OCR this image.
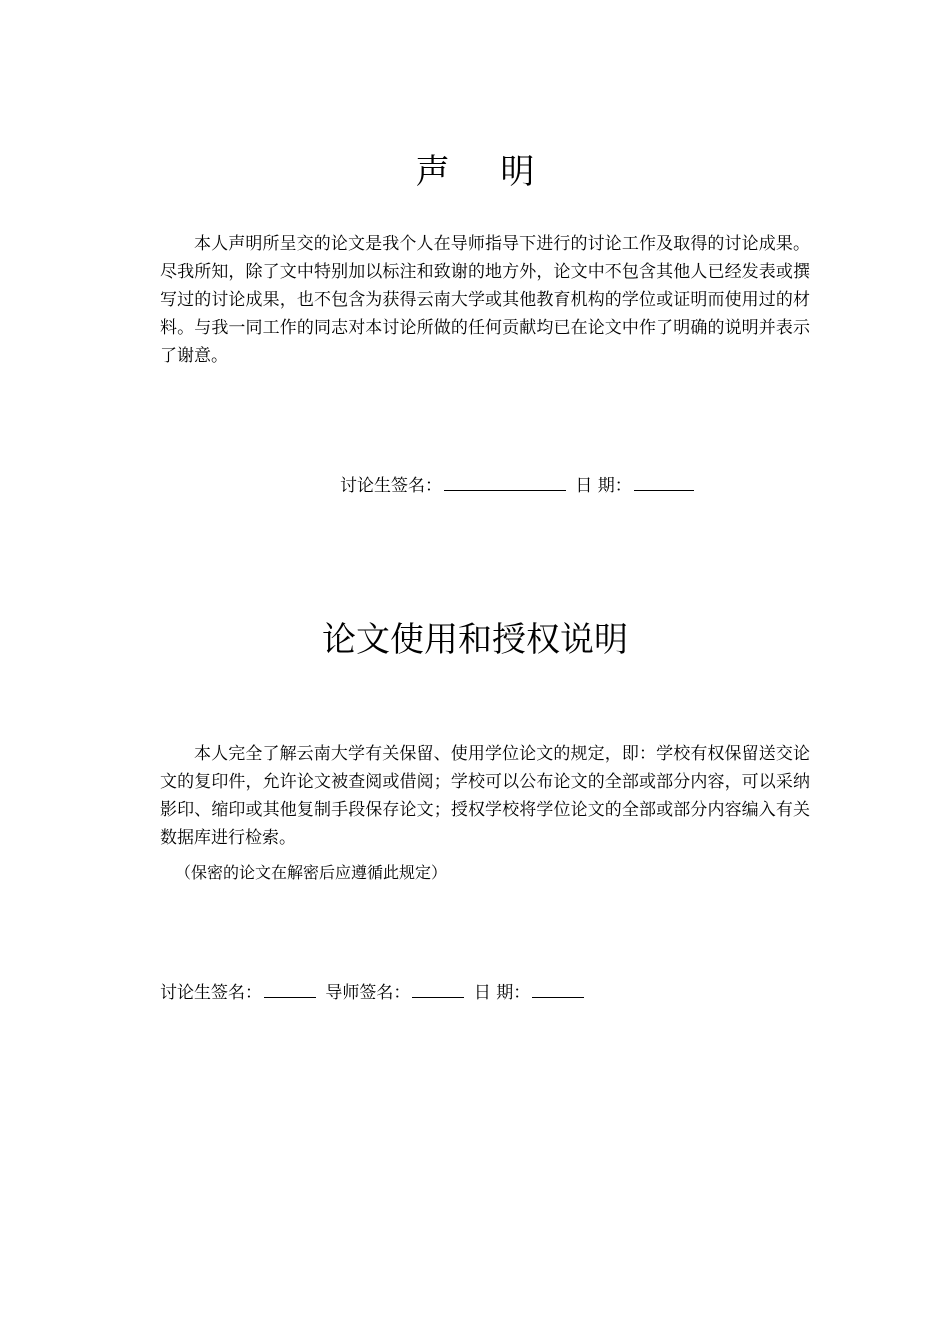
声 明

本人声明所呈交的论文是我个人在导师指导下进行的讨论工作及取得的讨论成果。尽我所知，除了文中特别加以标注和致谢的地方外，论文中不包含其他人已经发表或撰写过的讨论成果，也不包含为获得云南大学或其他教育机构的学位或证明而使用过的材料。与我一同工作的同志对本讨论所做的任何贡献均已在论文中作了明确的说明并表示了谢意。

讨论生签名：	日 期：
论文使用和授权说明

本人完全了解云南大学有关保留、使用学位论文的规定，即：学校有权保留送交论文的复印件，允许论文被查阅或借阅；学校可以公布论文的全部或部分内容，可以采纳影印、缩印或其他复制手段保存论文；授权学校将学位论文的全部或部分内容编入有关数据库进行检索。

（保密的论文在解密后应遵循此规定）

讨论生签名：	导师签名：	日 期：
